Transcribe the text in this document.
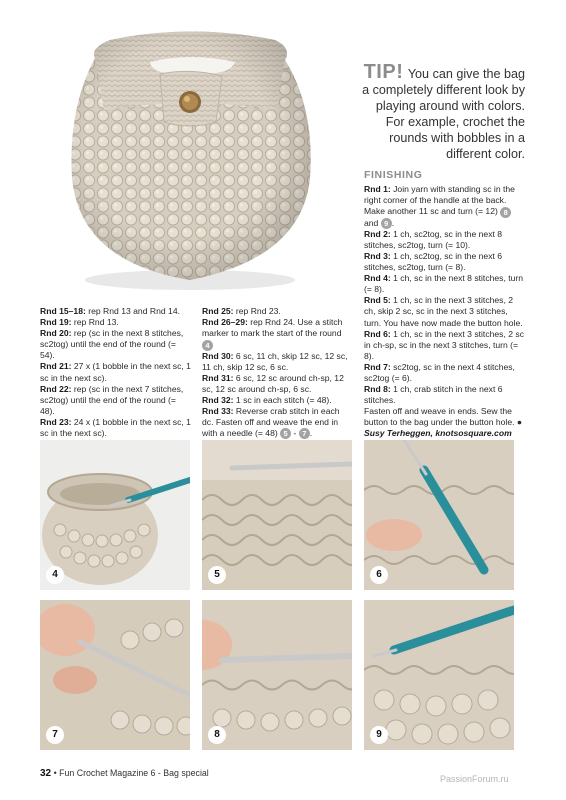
TIP! You can give the bag a completely different look by playing around with colors. For example, crochet the rounds with bobbles in a different color.

Rnd 15–18: rep Rnd 13 and Rnd 14.

Rnd 19: rep Rnd 13.

Rnd 20: rep (sc in the next 8 stitches, sc2tog) until the end of the round (= 54).

Rnd 21: 27 x (1 bobble in the next sc, 1 sc in the next sc).

Rnd 22: rep (sc in the next 7 stitches, sc2tog) until the end of the round (= 48).

Rnd 23: 24 x (1 bobble in the next sc, 1 sc in the next sc).

Rnd 25: rep Rnd 23.

Rnd 26–29: rep Rnd 24. Use a stitch marker to mark the start of the round 4

Rnd 30: 6 sc, 11 ch, skip 12 sc, 12 sc, 11 ch, skip 12 sc, 6 sc.

Rnd 31: 6 sc, 12 sc around ch-sp, 12 sc, 12 sc around ch-sp, 6 sc.

Rnd 32: 1 sc in each stitch (= 48).

Rnd 33: Reverse crab stitch in each dc. Fasten off and weave the end in with a needle (= 48) 5 - 7 .

FINISHING

Rnd 1: Join yarn with standing sc in the right corner of the handle at the back. Make another 11 sc and turn (= 12) 8 and 9 .

Rnd 2: 1 ch, sc2tog, sc in the next 8 stitches, sc2tog, turn (= 10).

Rnd 3: 1 ch, sc2tog, sc in the next 6 stitches, sc2tog, turn (= 8).

Rnd 4: 1 ch, sc in the next 8 stitches, turn (= 8).

Rnd 5: 1 ch, sc in the next 3 stitches, 2 ch, skip 2 sc, sc in the next 3 stitches, turn. You have now made the button hole.

Rnd 6: 1 ch, sc in the next 3 stitches, 2 sc in ch-sp, sc in the next 3 stitches, turn (= 8).

Rnd 7: sc2tog, sc in the next 4 stitches, sc2tog (= 6).

Rnd 8: 1 ch, crab stitch in the next 6 stitches.

Fasten off and weave in ends. Sew the button to the bag under the button hole. ●

Susy Terheggen, knotsosquare.com

4	5	6
7	8	9
32 • Fun Crochet Magazine 6 - Bag special
PassionForum.ru
